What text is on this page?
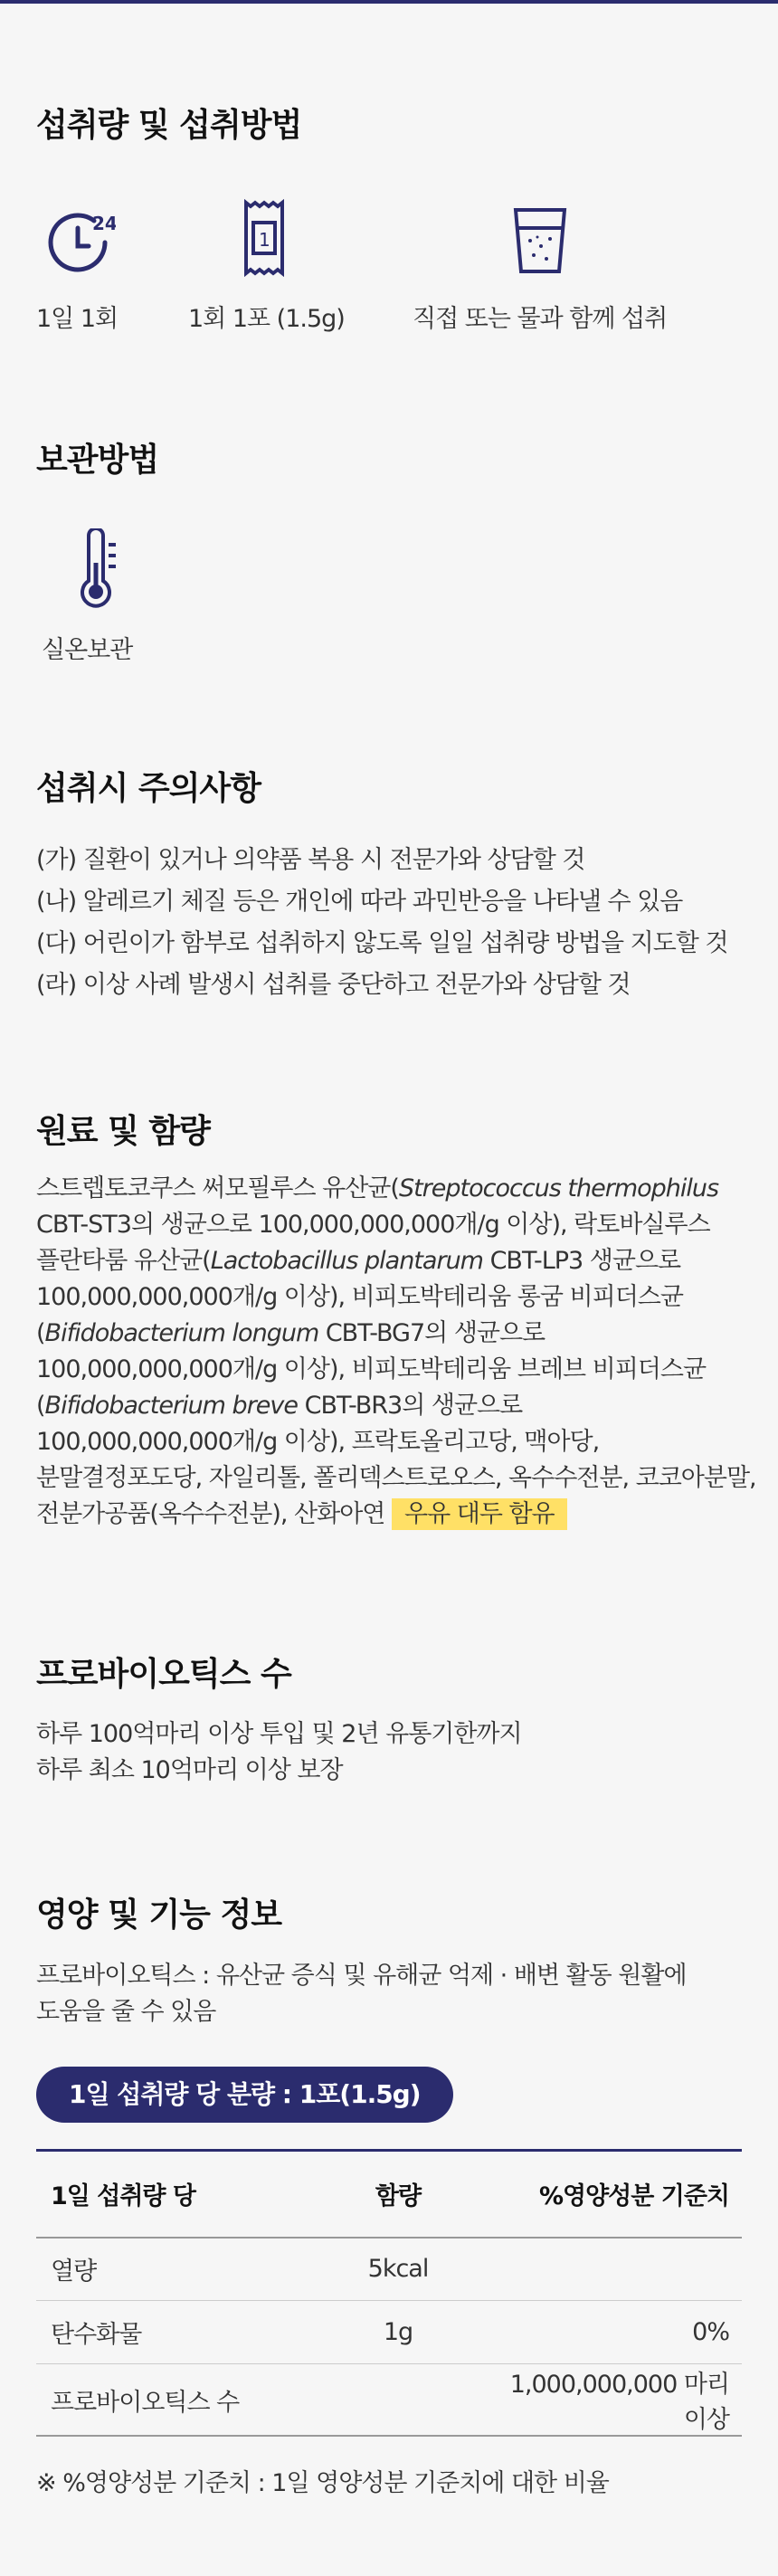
섭취량 및 섭취방법
24
1일 1회
1
1회 1포 (1.5g)	직접 또는 물과 함께 섭취
보관방법
실온보관
섭취시 주의사항
(가) 질환이 있거나 의약품 복용 시 전문가와 상담할 것
(나) 알레르기 체질 등은 개인에 따라 과민반응을 나타낼 수 있음
(다) 어린이가 함부로 섭취하지 않도록 일일 섭취량 방법을 지도할 것
(라) 이상 사례 발생시 섭취를 중단하고 전문가와 상담할 것
원료 및 함량
스트렙토코쿠스 써모필루스 유산균(Streptococcus thermophilus
CBT-ST3의 생균으로 100,000,000,000개/g 이상), 락토바실루스
플란타룸 유산균(Lactobacillus plantarum CBT-LP3 생균으로
100,000,000,000개/g 이상), 비피도박테리움 롱굼 비피더스균
(Bifidobacterium longum CBT-BG7의 생균으로
100,000,000,000개/g 이상), 비피도박테리움 브레브 비피더스균
(Bifidobacterium breve CBT-BR3의 생균으로
100,000,000,000개/g 이상), 프락토올리고당, 맥아당,
분말결정포도당, 자일리톨, 폴리덱스트로오스, 옥수수전분, 코코아분말,
전분가공품(옥수수전분), 산화아연 우유 대두 함유
프로바이오틱스 수
하루 100억마리 이상 투입 및 2년 유통기한까지
하루 최소 10억마리 이상 보장
영양 및 기능 정보
프로바이오틱스 : 유산균 증식 및 유해균 억제 · 배변 활동 원활에
도움을 줄 수 있음
1일 섭취량 당 분량 : 1포(1.5g)
1일 섭취량 당	함량	%영양성분 기준치
열량	5kcal	
탄수화물	1g	0%
프로바이오틱스 수		1,000,000,000 마리 이상
※ %영양성분 기준치 : 1일 영양성분 기준치에 대한 비율
